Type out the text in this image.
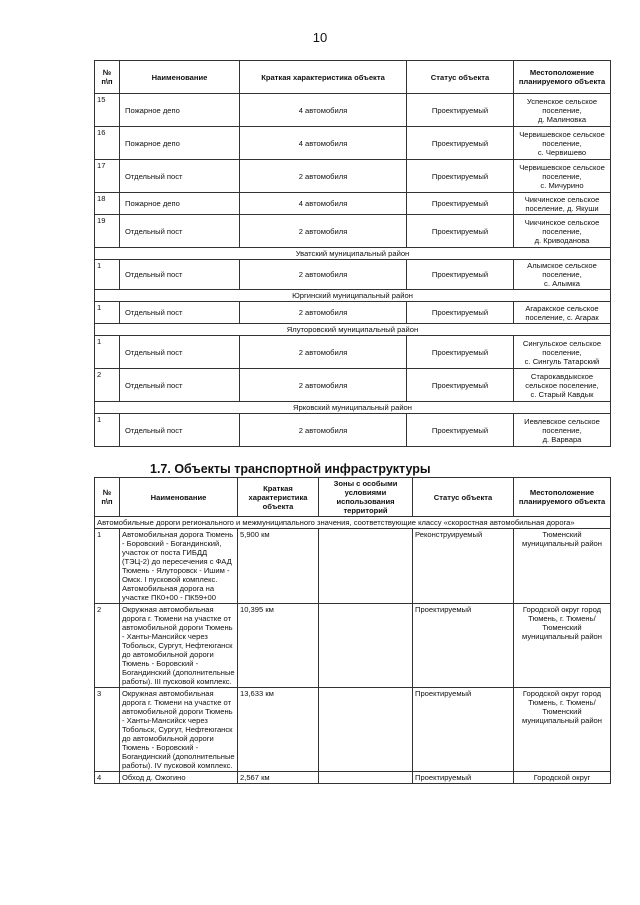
10
№
п\п	Наименование	Краткая характеристика объекта	Статус объекта	Местоположение планируемого объекта
15	Пожарное депо	4 автомобиля	Проектируемый	Успенское сельское поселение,
д. Малиновка
16	Пожарное депо	4 автомобиля	Проектируемый	Червишевское сельское поселение,
с. Червишево
17	Отдельный пост	2 автомобиля	Проектируемый	Червишевское сельское поселение,
с. Мичурино
18	Пожарное депо	4 автомобиля	Проектируемый	Чикчинское сельское поселение, д. Якуши
19	Отдельный пост	2 автомобиля	Проектируемый	Чикчинское сельское поселение,
д. Криводанова
Уватский муниципальный район				
1	Отдельный пост	2 автомобиля	Проектируемый	Алымское сельское поселение,
с. Алымка
Юргинский муниципальный район				
1	Отдельный пост	2 автомобиля	Проектируемый	Агаракское сельское поселение, с. Агарак
Ялуторовский муниципальный район				
1	Отдельный пост	2 автомобиля	Проектируемый	Сингульское сельское поселение,
с. Сингуль Татарский
2	Отдельный пост	2 автомобиля	Проектируемый	Старокавдыкское сельское поселение,
с. Старый Кавдык
Ярковский муниципальный район				
1	Отдельный пост	2 автомобиля	Проектируемый	Иевлевское сельское поселение,
д. Варвара
1.7. Объекты транспортной инфраструктуры
№
п\п	Наименование	Краткая характеристика объекта	Зоны с особыми условиями использования территорий	Статус объекта	Местоположение планируемого объекта
Автомобильные дороги регионального и межмуниципального значения, соответствующие классу «скоростная автомобильная дорога»					
1	Автомобильная дорога Тюмень - Боровский - Богандинский, участок от поста ГИБДД (ТЭЦ-2) до пересечения с ФАД Тюмень - Ялуторовск - Ишим - Омск. I пусковой комплекс. Автомобильная дорога на участке ПК0+00 - ПК59+00	5,900 км		Реконструируемый	Тюменский муниципальный район
2	Окружная автомобильная дорога г. Тюмени на участке от автомобильной дороги Тюмень - Ханты-Мансийск через Тобольск, Сургут, Нефтеюганск до автомобильной дороги Тюмень - Боровский - Богандинский (дополнительные работы). III пусковой комплекс.	10,395 км		Проектируемый	Городской округ город Тюмень, г. Тюмень/ Тюменский муниципальный район
3	Окружная автомобильная дорога г. Тюмени на участке от автомобильной дороги Тюмень - Ханты-Мансийск через Тобольск, Сургут, Нефтеюганск до автомобильной дороги Тюмень - Боровский - Богандинский (дополнительные работы). IV пусковой комплекс.	13,633 км		Проектируемый	Городской округ город Тюмень, г. Тюмень/ Тюменский муниципальный район
4	Обход д. Ожогино	2,567 км		Проектируемый	Городской округ
